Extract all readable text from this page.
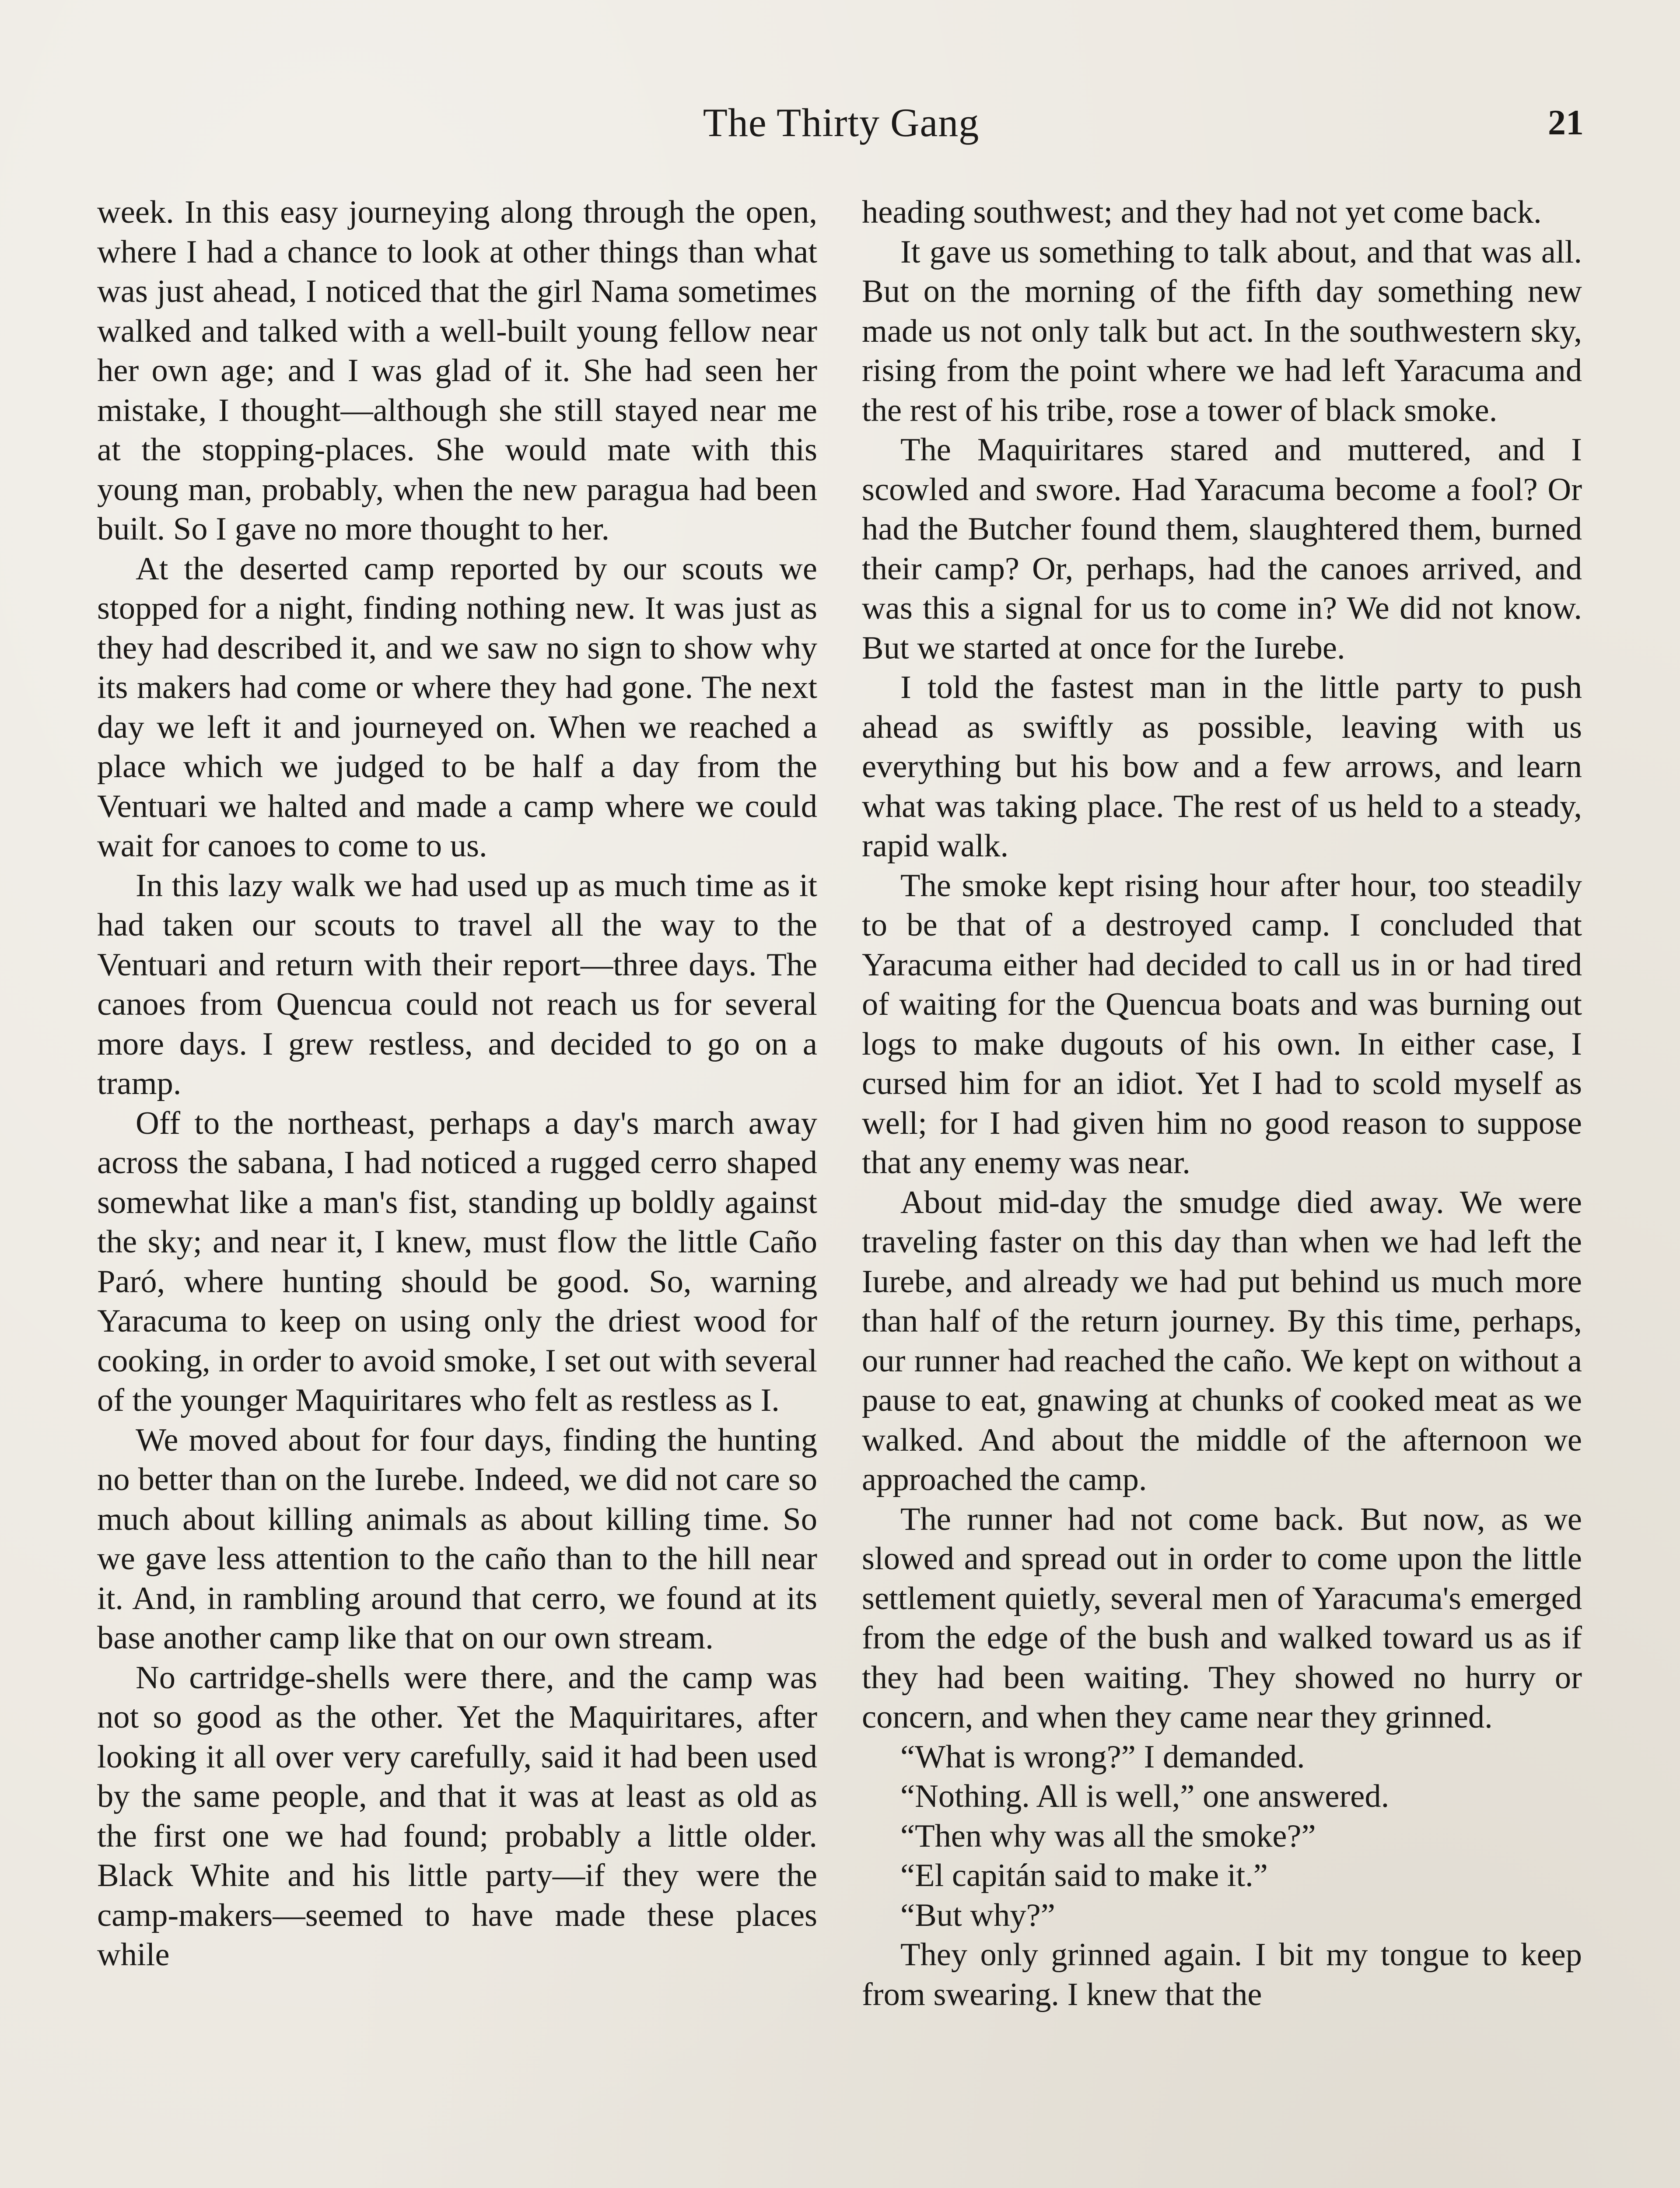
The Thirty Gang	21

week. In this easy journeying along through the open, where I had a chance to look at other things than what was just ahead, I noticed that the girl Nama sometimes walked and talked with a well-built young fellow near her own age; and I was glad of it. She had seen her mistake, I thought—although she still stayed near me at the stopping-places. She would mate with this young man, probably, when the new paragua had been built. So I gave no more thought to her.

At the deserted camp reported by our scouts we stopped for a night, finding nothing new. It was just as they had described it, and we saw no sign to show why its makers had come or where they had gone. The next day we left it and journeyed on. When we reached a place which we judged to be half a day from the Ventuari we halted and made a camp where we could wait for canoes to come to us.

In this lazy walk we had used up as much time as it had taken our scouts to travel all the way to the Ventuari and return with their report—three days. The canoes from Quencua could not reach us for several more days. I grew restless, and decided to go on a tramp.

Off to the northeast, perhaps a day's march away across the sabana, I had noticed a rugged cerro shaped somewhat like a man's fist, standing up boldly against the sky; and near it, I knew, must flow the little Caño Paró, where hunting should be good. So, warning Yaracuma to keep on using only the driest wood for cooking, in order to avoid smoke, I set out with several of the younger Maquiritares who felt as restless as I.

We moved about for four days, finding the hunting no better than on the Iurebe. Indeed, we did not care so much about killing animals as about killing time. So we gave less attention to the caño than to the hill near it. And, in rambling around that cerro, we found at its base another camp like that on our own stream.

No cartridge-shells were there, and the camp was not so good as the other. Yet the Maquiritares, after looking it all over very carefully, said it had been used by the same people, and that it was at least as old as the first one we had found; probably a little older. Black White and his little party—if they were the camp-makers—seemed to have made these places while

heading southwest; and they had not yet come back.

It gave us something to talk about, and that was all. But on the morning of the fifth day something new made us not only talk but act. In the southwestern sky, rising from the point where we had left Yaracuma and the rest of his tribe, rose a tower of black smoke.

The Maquiritares stared and muttered, and I scowled and swore. Had Yaracuma become a fool? Or had the Butcher found them, slaughtered them, burned their camp? Or, perhaps, had the canoes arrived, and was this a signal for us to come in? We did not know. But we started at once for the Iurebe.

I told the fastest man in the little party to push ahead as swiftly as possible, leaving with us everything but his bow and a few arrows, and learn what was taking place. The rest of us held to a steady, rapid walk.

The smoke kept rising hour after hour, too steadily to be that of a destroyed camp. I concluded that Yaracuma either had decided to call us in or had tired of waiting for the Quencua boats and was burning out logs to make dugouts of his own. In either case, I cursed him for an idiot. Yet I had to scold myself as well; for I had given him no good reason to suppose that any enemy was near.

About mid-day the smudge died away. We were traveling faster on this day than when we had left the Iurebe, and already we had put behind us much more than half of the return journey. By this time, perhaps, our runner had reached the caño. We kept on without a pause to eat, gnawing at chunks of cooked meat as we walked. And about the middle of the afternoon we approached the camp.

The runner had not come back. But now, as we slowed and spread out in order to come upon the little settlement quietly, several men of Yaracuma's emerged from the edge of the bush and walked toward us as if they had been waiting. They showed no hurry or concern, and when they came near they grinned.

“What is wrong?” I demanded.

“Nothing. All is well,” one answered.

“Then why was all the smoke?”

“El capitán said to make it.”

“But why?”

They only grinned again. I bit my tongue to keep from swearing. I knew that the
